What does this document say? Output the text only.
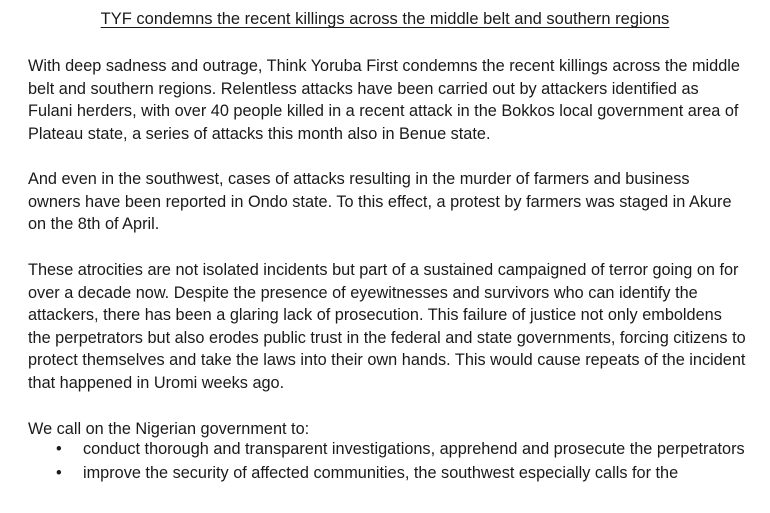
TYF condemns the recent killings across the middle belt and southern regions

With deep sadness and outrage, Think Yoruba First condemns the recent killings across the middle belt and southern regions. Relentless attacks have been carried out by attackers identified as Fulani herders, with over 40 people killed in a recent attack in the Bokkos local government area of Plateau state, a series of attacks this month also in Benue state.

And even in the southwest, cases of attacks resulting in the murder of farmers and business owners have been reported in Ondo state. To this effect, a protest by farmers was staged in Akure on the 8th of April.

These atrocities are not isolated incidents but part of a sustained campaigned of terror going on for over a decade now. Despite the presence of eyewitnesses and survivors who can identify the attackers, there has been a glaring lack of prosecution. This failure of justice not only emboldens the perpetrators but also erodes public trust in the federal and state governments, forcing citizens to protect themselves and take the laws into their own hands. This would cause repeats of the incident that happened in Uromi weeks ago.

We call on the Nigerian government to:

• conduct thorough and transparent investigations, apprehend and prosecute the perpetrators
• improve the security of affected communities, the southwest especially calls for the
